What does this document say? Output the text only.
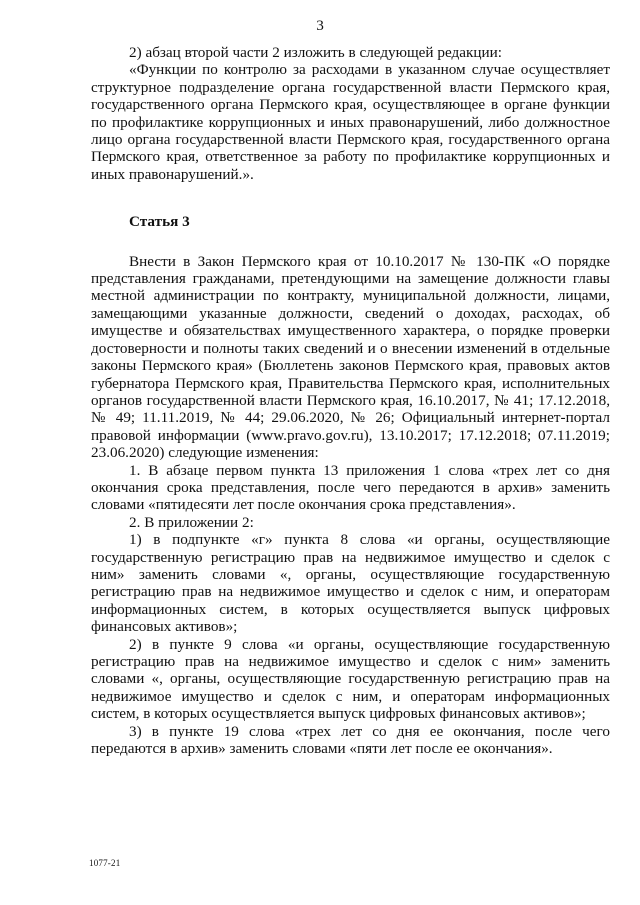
3

2) абзац второй части 2 изложить в следующей редакции:

«Функции по контролю за расходами в указанном случае осуществляет структурное подразделение органа государственной власти Пермского края, государственного органа Пермского края, осуществляющее в органе функции по профилактике коррупционных и иных правонарушений, либо должностное лицо органа государственной власти Пермского края, государственного органа Пермского края, ответственное за работу по профилактике коррупционных и иных правонарушений.».

Статья 3

Внести в Закон Пермского края от 10.10.2017 № 130-ПК «О порядке представления гражданами, претендующими на замещение должности главы местной администрации по контракту, муниципальной должности, лицами, замещающими указанные должности, сведений о доходах, расходах, об имуществе и обязательствах имущественного характера, о порядке проверки достоверности и полноты таких сведений и о внесении изменений в отдельные законы Пермского края» (Бюллетень законов Пермского края, правовых актов губернатора Пермского края, Правительства Пермского края, исполнительных органов государственной власти Пермского края, 16.10.2017, № 41; 17.12.2018, № 49; 11.11.2019, № 44; 29.06.2020, № 26; Официальный интернет-портал правовой информации (www.pravo.gov.ru), 13.10.2017; 17.12.2018; 07.11.2019; 23.06.2020) следующие изменения:

1. В абзаце первом пункта 13 приложения 1 слова «трех лет со дня окончания срока представления, после чего передаются в архив» заменить словами «пятидесяти лет после окончания срока представления».

2. В приложении 2:

1) в подпункте «г» пункта 8 слова «и органы, осуществляющие государственную регистрацию прав на недвижимое имущество и сделок с ним» заменить словами «, органы, осуществляющие государственную регистрацию прав на недвижимое имущество и сделок с ним, и операторам информационных систем, в которых осуществляется выпуск цифровых финансовых активов»;

2) в пункте 9 слова «и органы, осуществляющие государственную регистрацию прав на недвижимое имущество и сделок с ним» заменить словами «, органы, осуществляющие государственную регистрацию прав на недвижимое имущество и сделок с ним, и операторам информационных систем, в которых осуществляется выпуск цифровых финансовых активов»;

3) в пункте 19 слова «трех лет со дня ее окончания, после чего передаются в архив» заменить словами «пяти лет после ее окончания».

1077-21
